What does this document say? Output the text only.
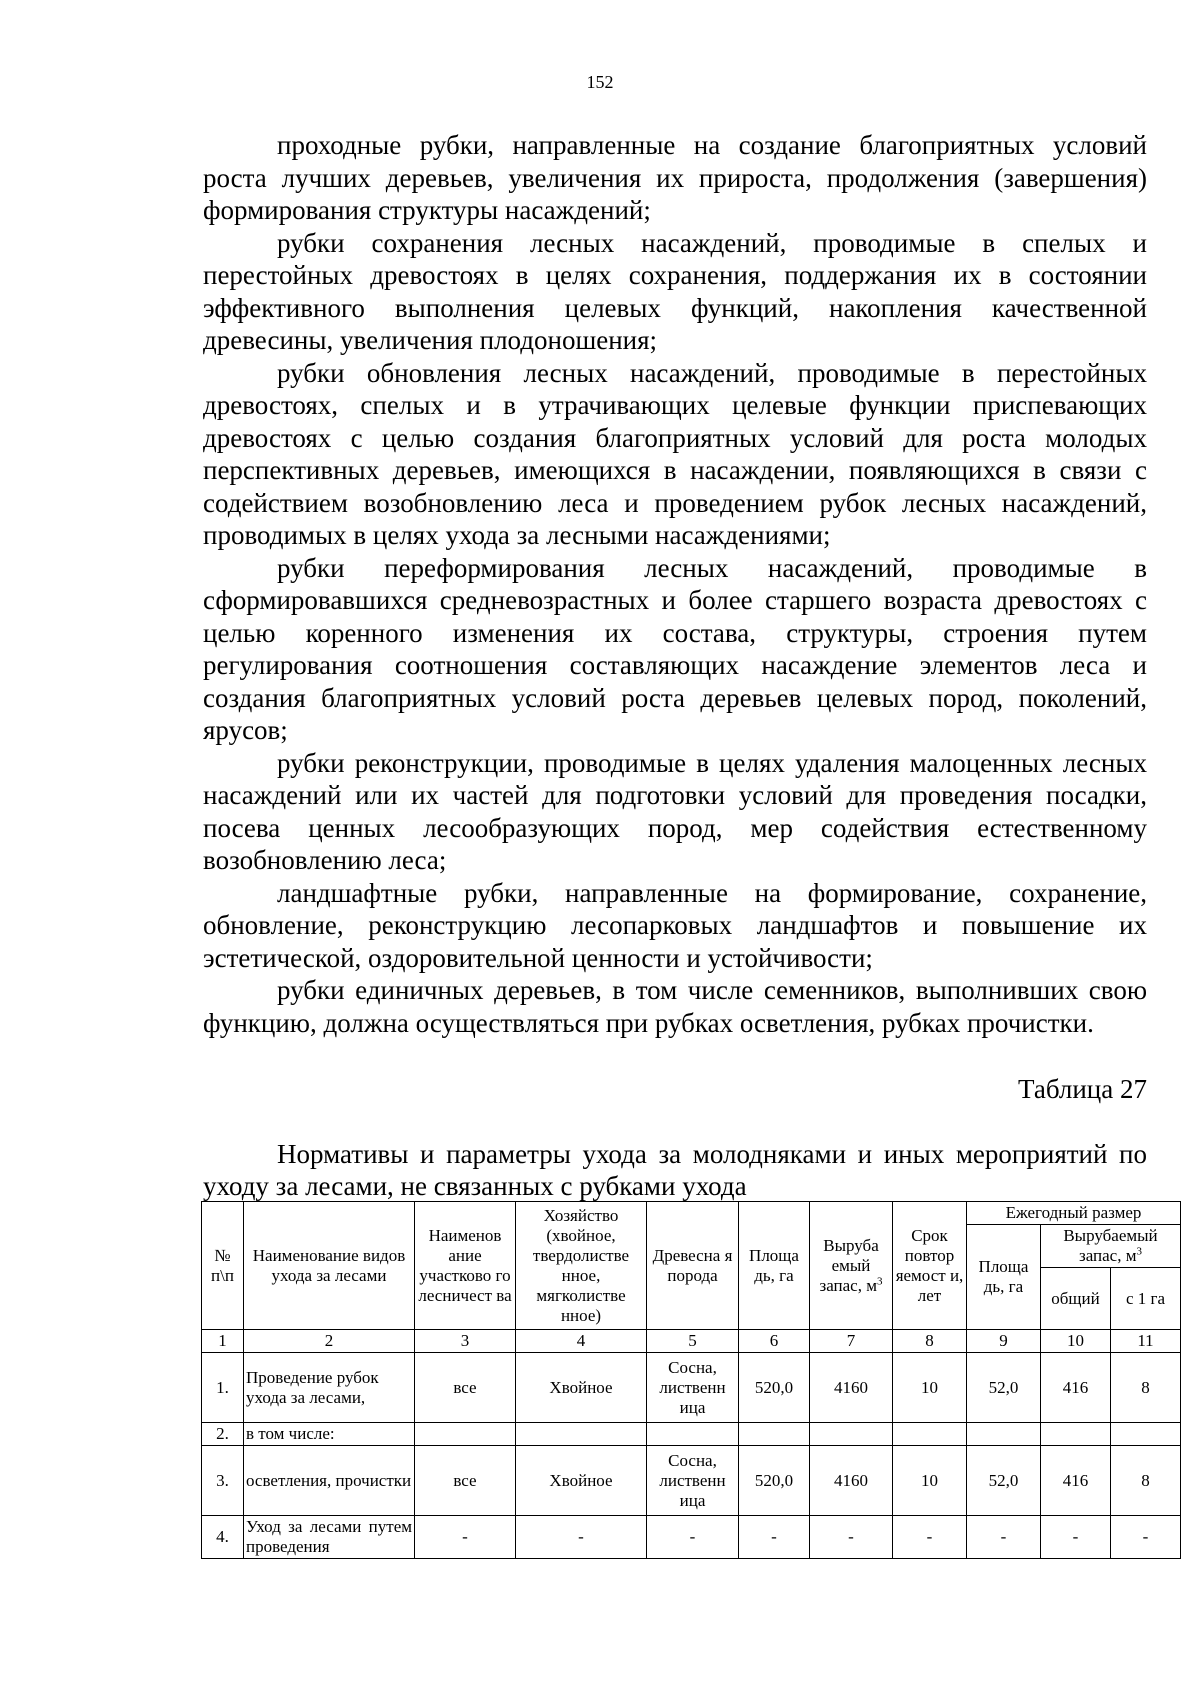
152

проходные рубки, направленные на создание благоприятных условий роста лучших деревьев, увеличения их прироста, продолжения (завершения) формирования структуры насаждений;

рубки сохранения лесных насаждений, проводимые в спелых и перестойных древостоях в целях сохранения, поддержания их в состоянии эффективного выполнения целевых функций, накопления качественной древесины, увеличения плодоношения;

рубки обновления лесных насаждений, проводимые в перестойных древостоях, спелых и в утрачивающих целевые функции приспевающих древостоях с целью создания благоприятных условий для роста молодых перспективных деревьев, имеющихся в насаждении, появляющихся в связи с содействием возобновлению леса и проведением рубок лесных насаждений, проводимых в целях ухода за лесными насаждениями;

рубки переформирования лесных насаждений, проводимые в сформировавшихся средневозрастных и более старшего возраста древостоях с целью коренного изменения их состава, структуры, строения путем регулирования соотношения составляющих насаждение элементов леса и создания благоприятных условий роста деревьев целевых пород, поколений, ярусов;

рубки реконструкции, проводимые в целях удаления малоценных лесных насаждений или их частей для подготовки условий для проведения посадки, посева ценных лесообразующих пород, мер содействия естественному возобновлению леса;

ландшафтные рубки, направленные на формирование, сохранение, обновление, реконструкцию лесопарковых ландшафтов и повышение их эстетической, оздоровительной ценности и устойчивости;

рубки единичных деревьев, в том числе семенников, выполнивших свою функцию, должна осуществляться при рубках осветления, рубках прочистки.

Таблица 27
Нормативы и параметры ухода за молодняками и иных мероприятий по уходу за лесами, не связанных с рубками ухода
№ п\п	Наименование видов ухода за лесами	Наименов ание участково го лесничест ва	Хозяйство (хвойное, твердолистве нное, мягколистве нное)	Древесна я порода	Площа дь, га	Выруба емый запас, $м^3$	Срок повтор яемост и, лет	Ежегодный размер		
								Площа дь, га	Вырубаемый запас, $м^3$
									общий	с 1 га
1	2	3	4	5	6	7	8	9	10	11
1.	Проведение рубок ухода за лесами,	все	Хвойное	Сосна, лиственн ица	520,0	4160	10	52,0	416	8
2.	в том числе:									
3.	осветления, прочистки	все	Хвойное	Сосна, лиственн ица	520,0	4160	10	52,0	416	8
4.	Уход за лесами путем проведения	-	-	-	-	-	-	-	-	-
